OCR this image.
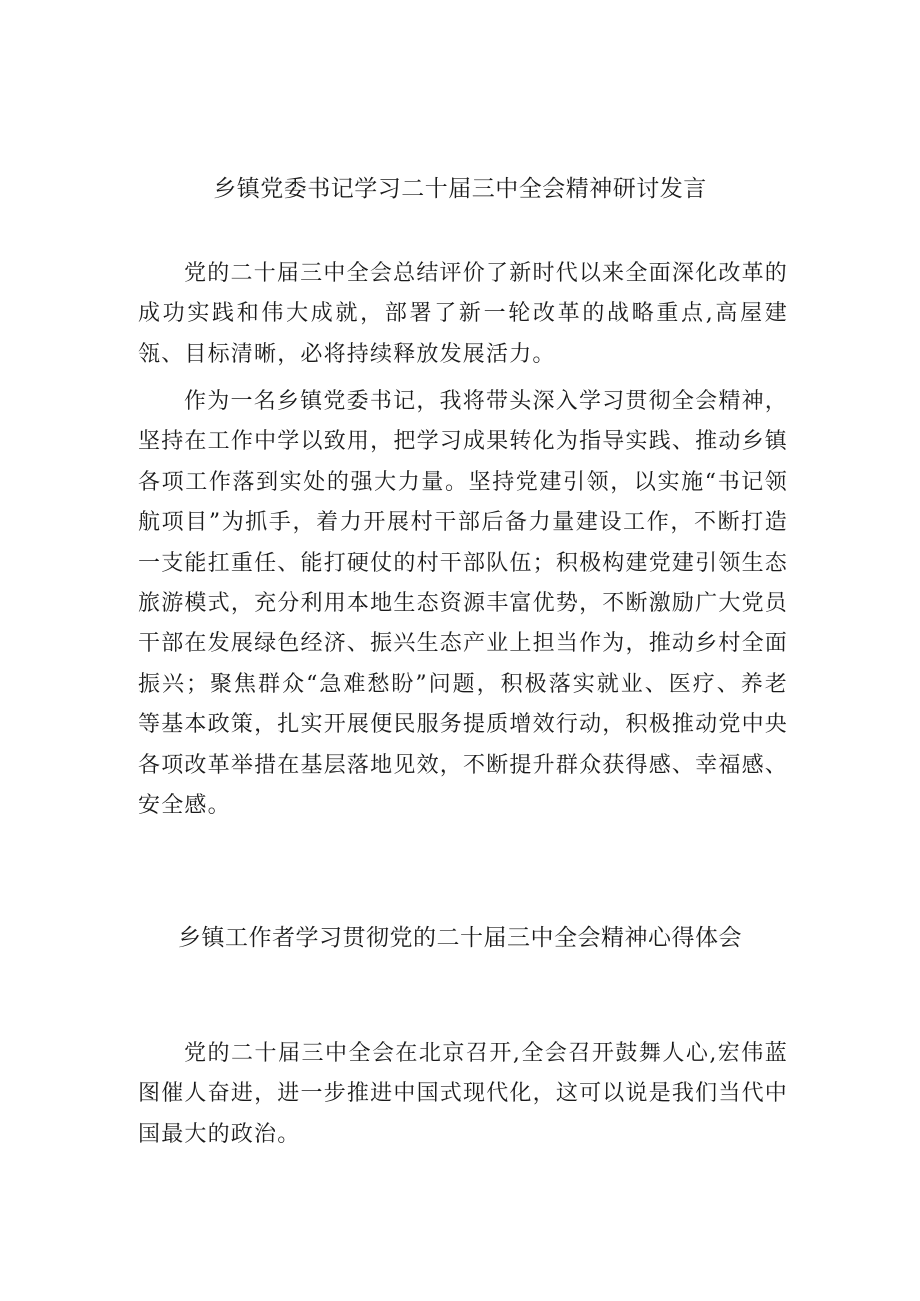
乡镇党委书记学习二十届三中全会精神研讨发言

党的二十届三中全会总结评价了新时代以来全面深化改革的成功实践和伟大成就，部署了新一轮改革的战略重点,高屋建瓴、目标清晰，必将持续释放发展活力。

作为一名乡镇党委书记，我将带头深入学习贯彻全会精神，坚持在工作中学以致用，把学习成果转化为指导实践、推动乡镇各项工作落到实处的强大力量。坚持党建引领，以实施“书记领航项目”为抓手，着力开展村干部后备力量建设工作，不断打造一支能扛重任、能打硬仗的村干部队伍；积极构建党建引领生态旅游模式，充分利用本地生态资源丰富优势，不断激励广大党员干部在发展绿色经济、振兴生态产业上担当作为，推动乡村全面振兴；聚焦群众“急难愁盼”问题，积极落实就业、医疗、养老等基本政策，扎实开展便民服务提质增效行动，积极推动党中央各项改革举措在基层落地见效，不断提升群众获得感、幸福感、安全感。

乡镇工作者学习贯彻党的二十届三中全会精神心得体会

党的二十届三中全会在北京召开,全会召开鼓舞人心,宏伟蓝图催人奋进，进一步推进中国式现代化，这可以说是我们当代中国最大的政治。
